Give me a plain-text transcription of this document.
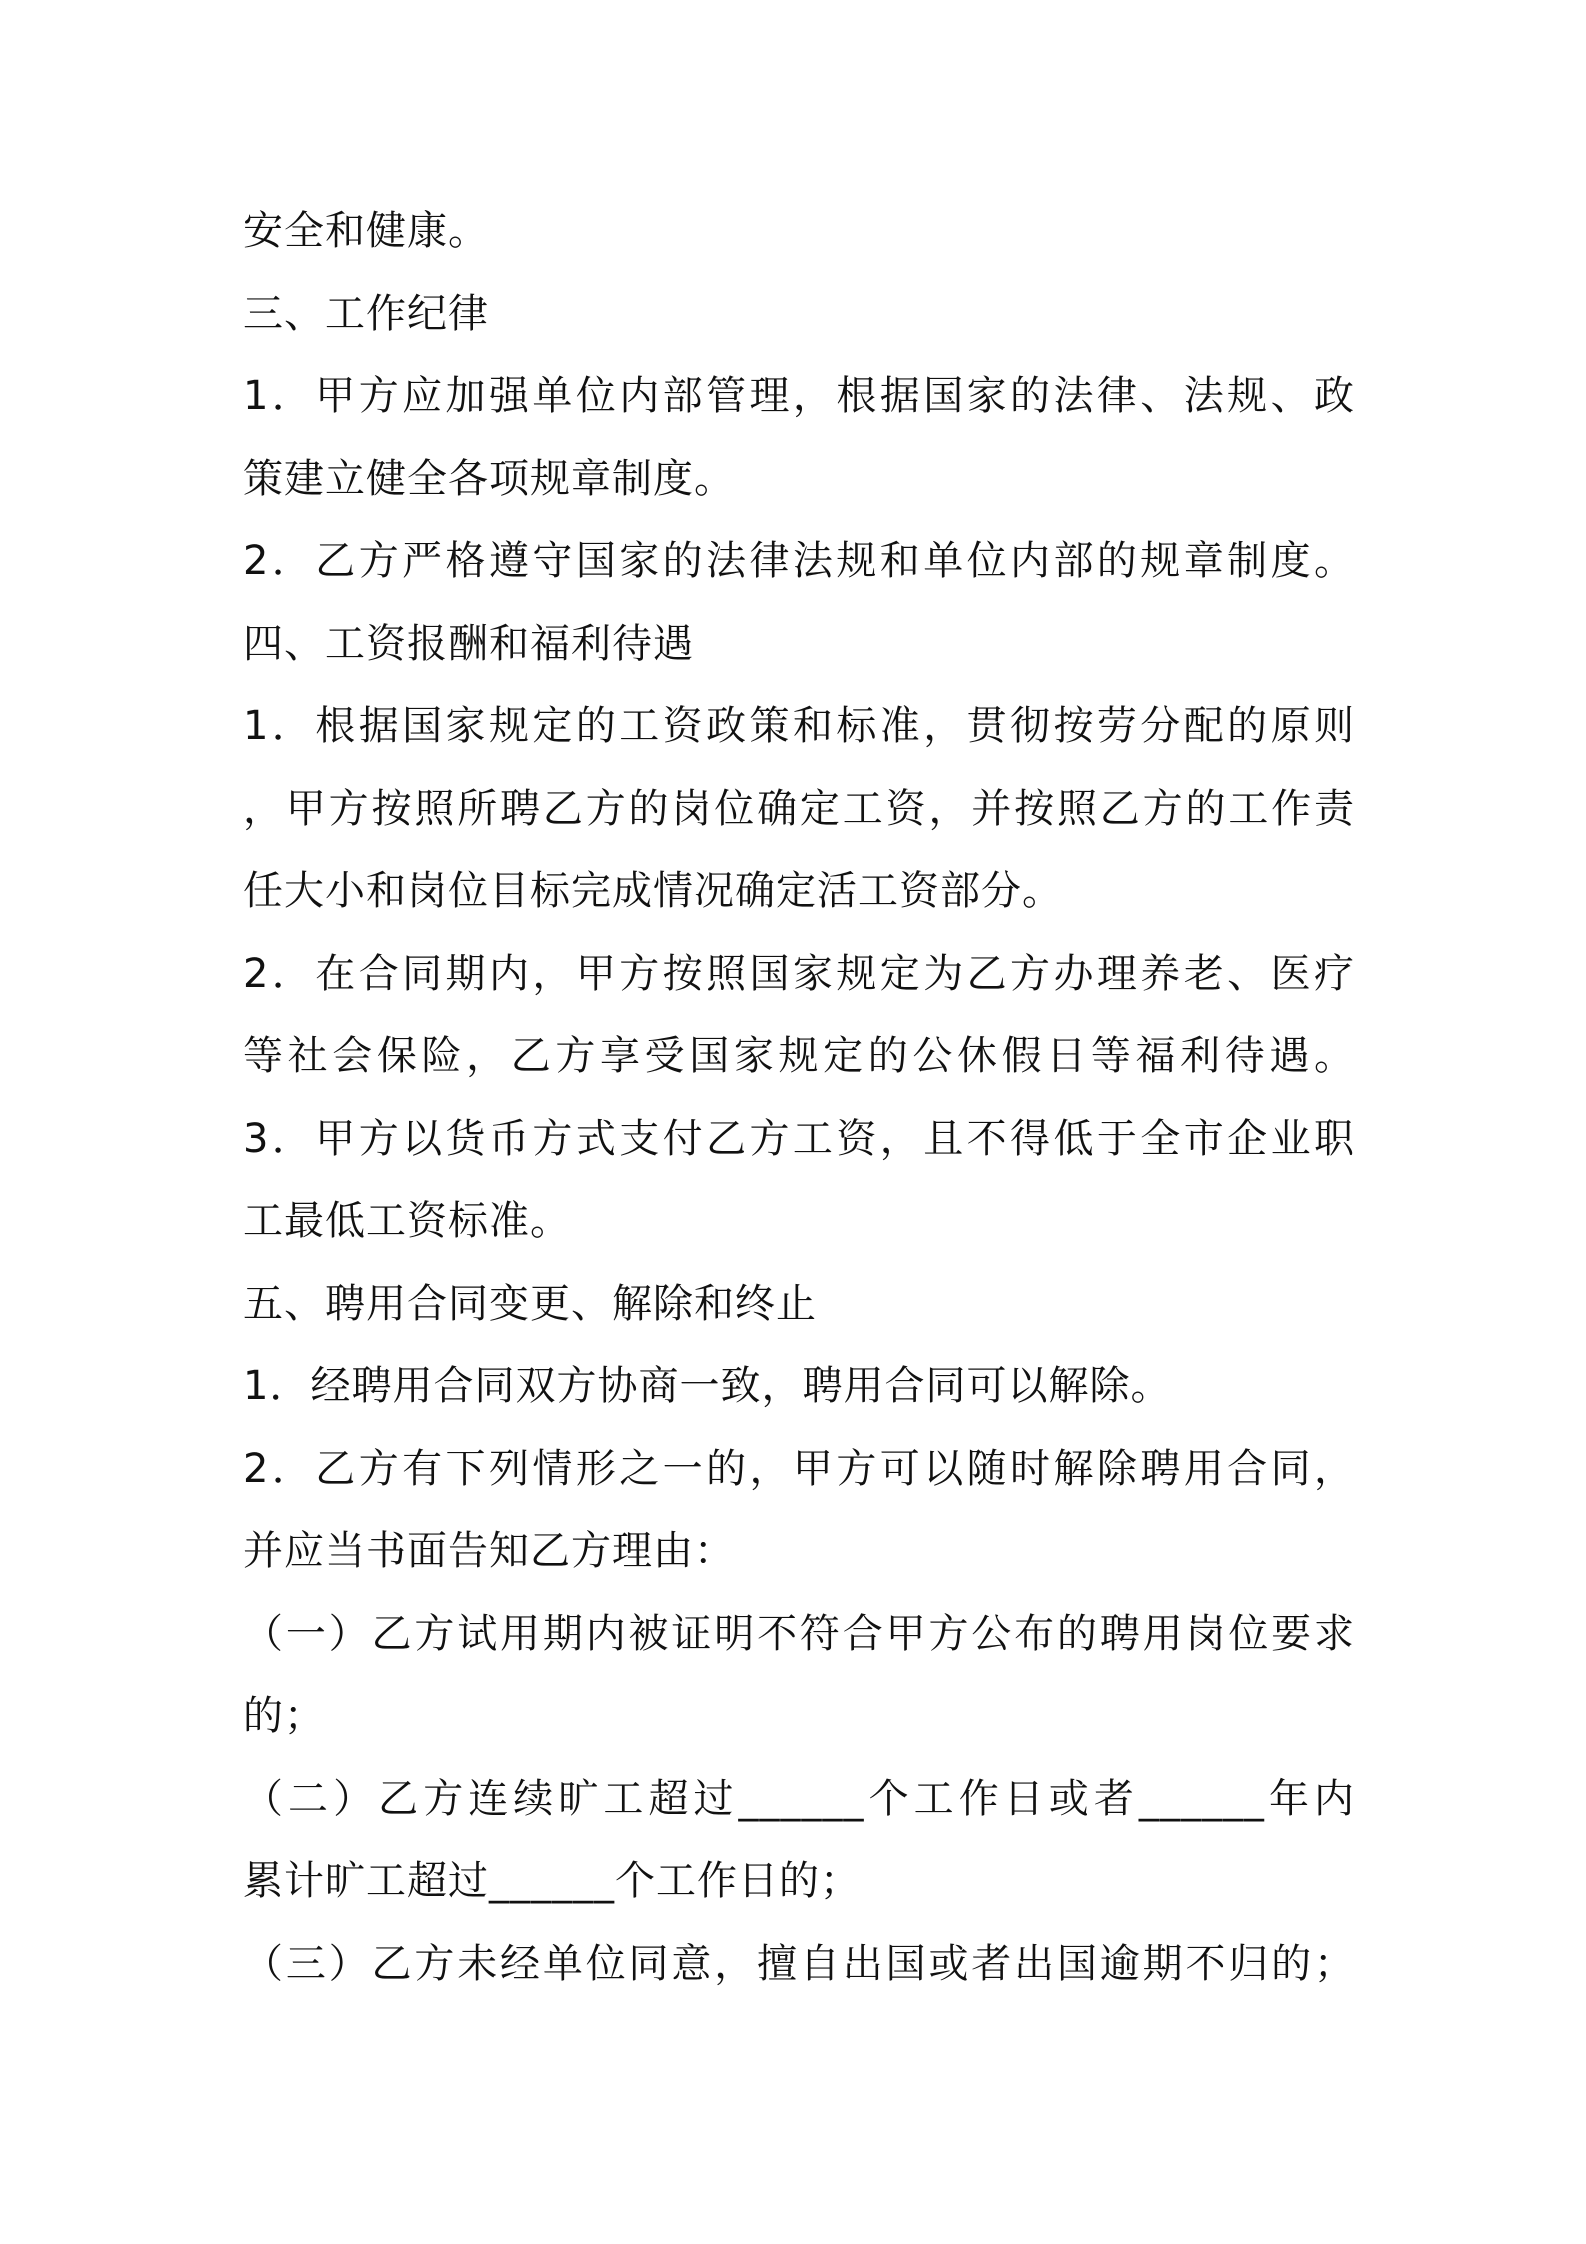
安全和健康。
三、工作纪律
1．甲方应加强单位内部管理，根据国家的法律、法规、政
策建立健全各项规章制度。
2．乙方严格遵守国家的法律法规和单位内部的规章制度。
四、工资报酬和福利待遇
1．根据国家规定的工资政策和标准，贯彻按劳分配的原则
，甲方按照所聘乙方的岗位确定工资，并按照乙方的工作责
任大小和岗位目标完成情况确定活工资部分。
2．在合同期内，甲方按照国家规定为乙方办理养老、医疗
等社会保险，乙方享受国家规定的公休假日等福利待遇。
3．甲方以货币方式支付乙方工资，且不得低于全市企业职
工最低工资标准。
五、聘用合同变更、解除和终止
1．经聘用合同双方协商一致，聘用合同可以解除。
2．乙方有下列情形之一的，甲方可以随时解除聘用合同，
并应当书面告知乙方理由：
（一）乙方试用期内被证明不符合甲方公布的聘用岗位要求
的；
（二）乙方连续旷工超过______个工作日或者______年内
累计旷工超过______个工作日的；
（三）乙方未经单位同意，擅自出国或者出国逾期不归的；
